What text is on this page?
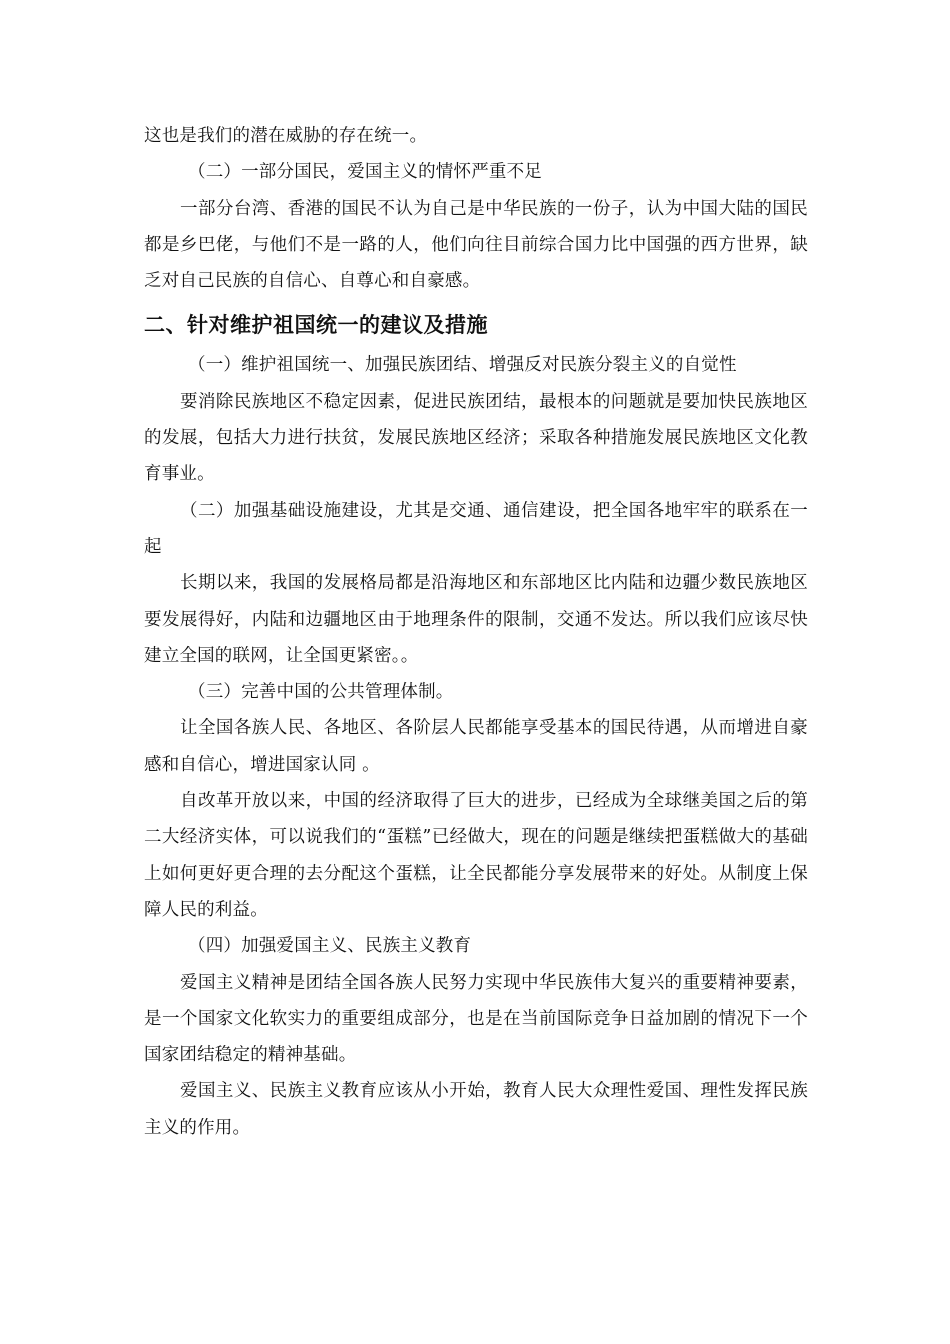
这也是我们的潜在威胁的存在统一。

（二）一部分国民，爱国主义的情怀严重不足

一部分台湾、香港的国民不认为自己是中华民族的一份子，认为中国大陆的国民都是乡巴佬，与他们不是一路的人，他们向往目前综合国力比中国强的西方世界，缺乏对自己民族的自信心、自尊心和自豪感。

二、针对维护祖国统一的建议及措施

（一）维护祖国统一、加强民族团结、增强反对民族分裂主义的自觉性

要消除民族地区不稳定因素，促进民族团结，最根本的问题就是要加快民族地区的发展，包括大力进行扶贫，发展民族地区经济；采取各种措施发展民族地区文化教育事业。

（二）加强基础设施建设，尤其是交通、通信建设，把全国各地牢牢的联系在一起

长期以来，我国的发展格局都是沿海地区和东部地区比内陆和边疆少数民族地区要发展得好，内陆和边疆地区由于地理条件的限制，交通不发达。所以我们应该尽快建立全国的联网，让全国更紧密。。

（三）完善中国的公共管理体制。

让全国各族人民、各地区、各阶层人民都能享受基本的国民待遇，从而增进自豪感和自信心，增进国家认同 。

自改革开放以来，中国的经济取得了巨大的进步，已经成为全球继美国之后的第二大经济实体，可以说我们的“蛋糕”已经做大，现在的问题是继续把蛋糕做大的基础上如何更好更合理的去分配这个蛋糕，让全民都能分享发展带来的好处。从制度上保障人民的利益。

（四）加强爱国主义、民族主义教育

爱国主义精神是团结全国各族人民努力实现中华民族伟大复兴的重要精神要素，是一个国家文化软实力的重要组成部分，也是在当前国际竞争日益加剧的情况下一个国家团结稳定的精神基础。

爱国主义、民族主义教育应该从小开始，教育人民大众理性爱国、理性发挥民族主义的作用。
